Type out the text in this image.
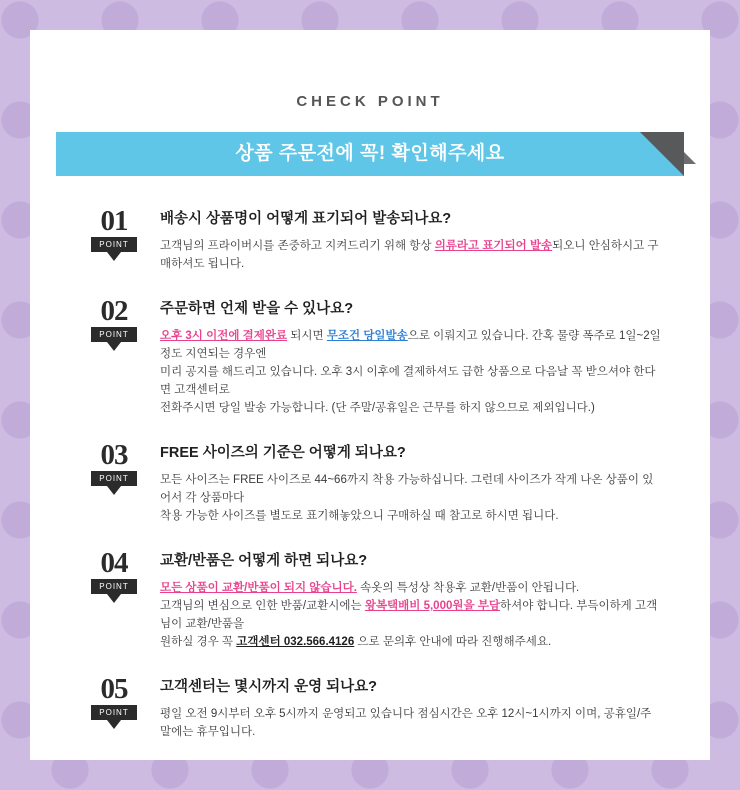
CHECK POINT
상품 주문전에 꼭! 확인해주세요
01
POINT
배송시 상품명이 어떻게 표기되어 발송되나요?
고객님의 프라이버시를 존중하고 지켜드리기 위해 항상 의류라고 표기되어 발송되오니 안심하시고 구매하셔도 됩니다.
02
POINT
주문하면 언제 받을 수 있나요?
오후 3시 이전에 결제완료 되시면 무조건 당일발송으로 이뤄지고 있습니다. 간혹 물량 폭주로 1일~2일정도 지연되는 경우엔
미리 공지를 해드리고 있습니다. 오후 3시 이후에 결제하셔도 급한 상품으로 다음날 꼭 받으셔야 한다면 고객센터로
전화주시면 당일 발송 가능합니다. (단 주말/공휴일은 근무를 하지 않으므로 제외입니다.)
03
POINT
FREE 사이즈의 기준은 어떻게 되나요?
모든 사이즈는 FREE 사이즈로 44~66까지 착용 가능하십니다. 그런데 사이즈가 작게 나온 상품이 있어서 각 상품마다
착용 가능한 사이즈를 별도로 표기해놓았으니 구매하실 때 참고로 하시면 됩니다.
04
POINT
교환/반품은 어떻게 하면 되나요?
모든 상품이 교환/반품이 되지 않습니다. 속옷의 특성상 착용후 교환/반품이 안됩니다.
고객님의 변심으로 인한 반품/교환시에는 왕복택배비 5,000원을 부담하셔야 합니다. 부득이하게 고객님이 교환/반품을
원하실 경우 꼭 고객센터 032.566.4126 으로 문의후 안내에 따라 진행해주세요.
05
POINT
고객센터는 몇시까지 운영 되나요?
평일 오전 9시부터 오후 5시까지 운영되고 있습니다 점심시간은 오후 12시~1시까지 이며, 공휴일/주말에는 휴무입니다.
